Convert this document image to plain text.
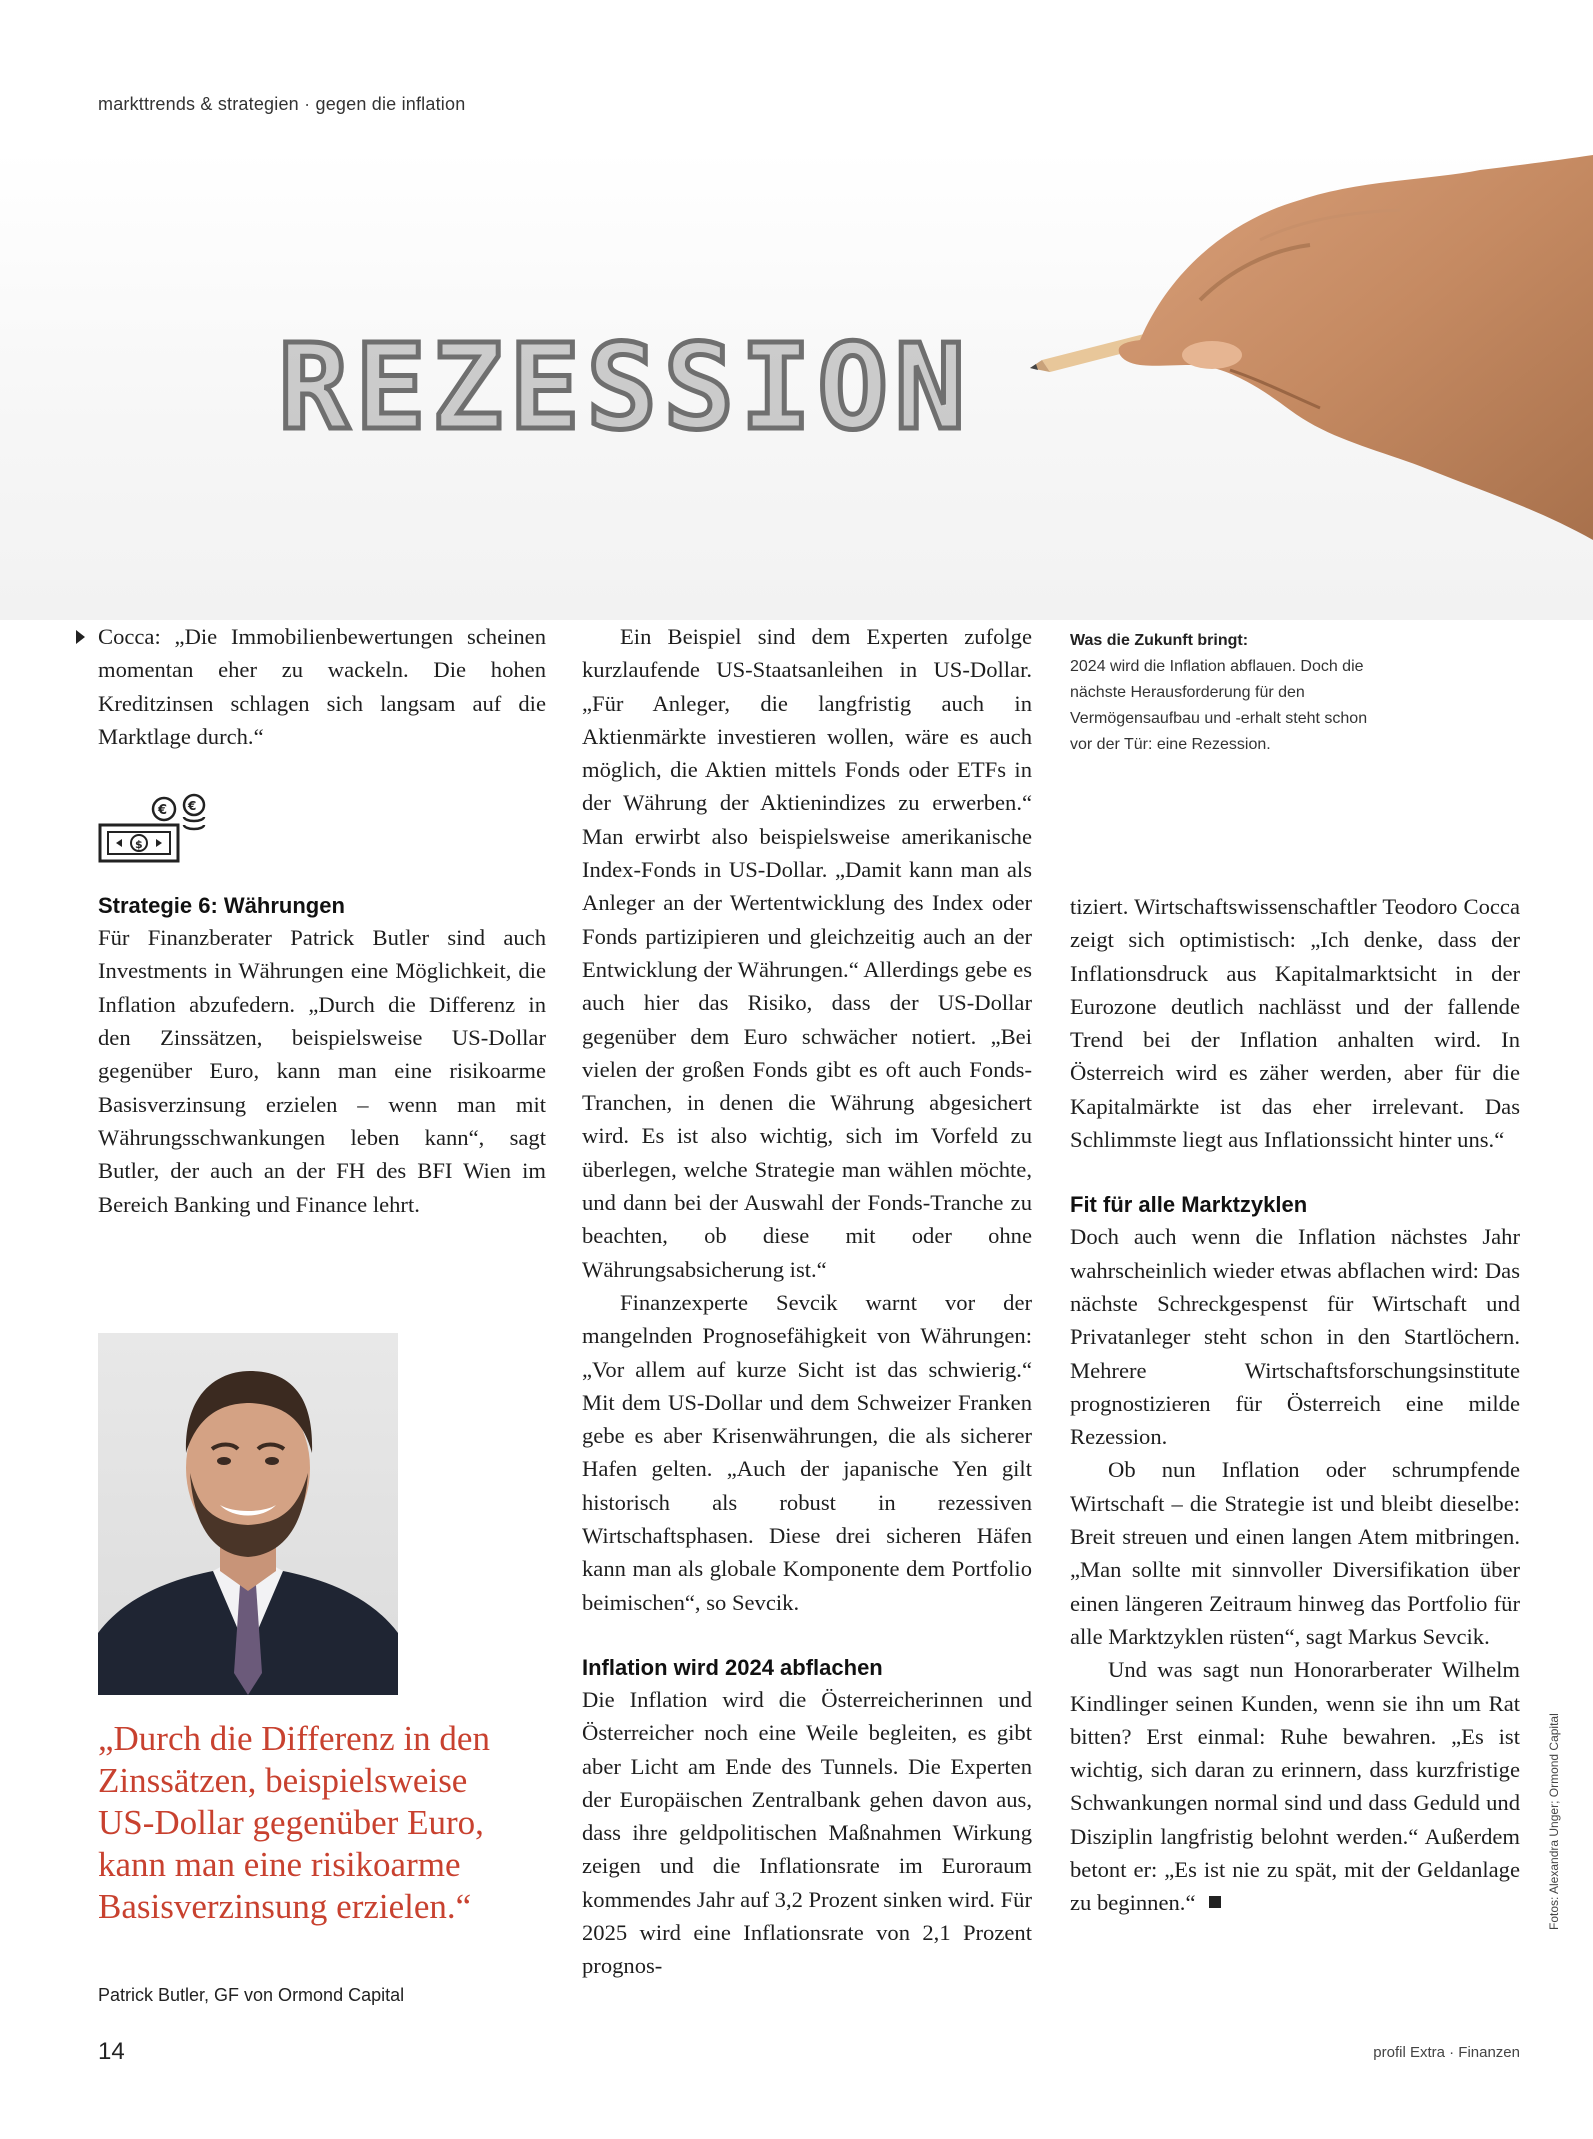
markttrends & strategien · gegen die inflation
REZESSION
Was die Zukunft bringt:
2024 wird die Inflation abflauen. Doch die nächste Herausforderung für den Vermögensaufbau und -erhalt steht schon vor der Tür: eine Rezession.

Cocca: „Die Immobilienbewertungen scheinen momentan eher zu wackeln. Die hohen Kreditzinsen schlagen sich langsam auf die Marktlage durch.“

$
€ €
Strategie 6: Währungen

Für Finanzberater Patrick Butler sind auch Investments in Währungen eine Möglichkeit, die Inflation abzufedern. „Durch die Differenz in den Zinssätzen, beispielsweise US-Dollar gegenüber Euro, kann man eine risikoarme Basisverzinsung erzielen – wenn man mit Währungsschwankungen leben kann“, sagt Butler, der auch an der FH des BFI Wien im Bereich Banking und Finance lehrt.

„Durch die Differenz in den Zinssätzen, beispielsweise US-Dollar gegenüber Euro, kann man eine risikoarme Basisverzinsung erzielen.“
Patrick Butler, GF von Ormond Capital

Ein Beispiel sind dem Experten zufolge kurzlaufende US-Staatsanleihen in US-Dollar. „Für Anleger, die langfristig auch in Aktienmärkte investieren wollen, wäre es auch möglich, die Aktien mittels Fonds oder ETFs in der Währung der Aktienindizes zu erwerben.“ Man erwirbt also beispielsweise amerikanische Index-Fonds in US-Dollar. „Damit kann man als Anleger an der Wertentwicklung des Index oder Fonds partizipieren und gleichzeitig auch an der Entwicklung der Währungen.“ Allerdings gebe es auch hier das Risiko, dass der US-Dollar gegenüber dem Euro schwächer notiert. „Bei vielen der großen Fonds gibt es oft auch Fonds-Tranchen, in denen die Währung abgesichert wird. Es ist also wichtig, sich im Vorfeld zu überlegen, welche Strategie man wählen möchte, und dann bei der Auswahl der Fonds-Tranche zu beachten, ob diese mit oder ohne Währungsabsicherung ist.“

Finanzexperte Sevcik warnt vor der mangelnden Prognosefähigkeit von Währungen: „Vor allem auf kurze Sicht ist das schwierig.“ Mit dem US-Dollar und dem Schweizer Franken gebe es aber Krisenwährungen, die als sicherer Hafen gelten. „Auch der japanische Yen gilt historisch als robust in rezessiven Wirtschaftsphasen. Diese drei sicheren Häfen kann man als globale Komponente dem Portfolio beimischen“, so Sevcik.

Inflation wird 2024 abflachen

Die Inflation wird die Österreicherinnen und Österreicher noch eine Weile begleiten, es gibt aber Licht am Ende des Tunnels. Die Experten der Europäischen Zentralbank gehen davon aus, dass ihre geldpolitischen Maßnahmen Wirkung zeigen und die Inflationsrate im Euroraum kommendes Jahr auf 3,2 Prozent sinken wird. Für 2025 wird eine Inflationsrate von 2,1 Prozent prognos-

tiziert. Wirtschaftswissenschaftler Teodoro Cocca zeigt sich optimistisch: „Ich denke, dass der Inflationsdruck aus Kapitalmarktsicht in der Eurozone deutlich nachlässt und der fallende Trend bei der Inflation anhalten wird. In Österreich wird es zäher werden, aber für die Kapitalmärkte ist das eher irrelevant. Das Schlimmste liegt aus Inflationssicht hinter uns.“

Fit für alle Marktzyklen

Doch auch wenn die Inflation nächstes Jahr wahrscheinlich wieder etwas abflachen wird: Das nächste Schreckgespenst für Wirtschaft und Privatanleger steht schon in den Startlöchern. Mehrere Wirtschaftsforschungsinstitute prognostizieren für Österreich eine milde Rezession.

Ob nun Inflation oder schrumpfende Wirtschaft – die Strategie ist und bleibt dieselbe: Breit streuen und einen langen Atem mitbringen. „Man sollte mit sinnvoller Diversifikation über einen längeren Zeitraum hinweg das Portfolio für alle Marktzyklen rüsten“, sagt Markus Sevcik.

Und was sagt nun Honorarberater Wilhelm Kindlinger seinen Kunden, wenn sie ihn um Rat bitten? Erst einmal: Ruhe bewahren. „Es ist wichtig, sich daran zu erinnern, dass kurzfristige Schwankungen normal sind und dass Geduld und Disziplin langfristig belohnt werden.“ Außerdem betont er: „Es ist nie zu spät, mit der Geldanlage zu beginnen.“

14	profil Extra · Finanzen
Fotos: Alexandra Unger; Ormond Capital
